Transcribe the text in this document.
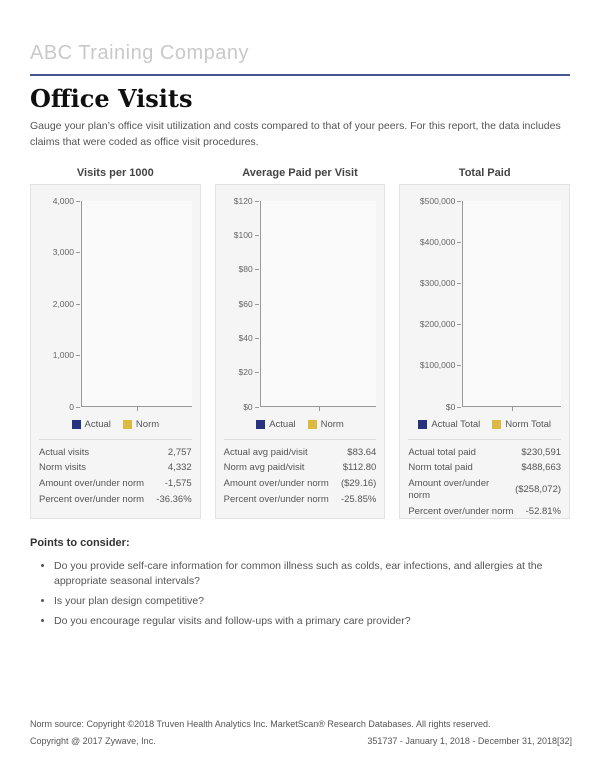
ABC Training Company
Office Visits

Gauge your plan’s office visit utilization and costs compared to that of your peers. For this report, the data includes claims that were coded as office visit procedures.

Visits per 1000
0
1,000
2,000
3,000
4,000
Actual	Norm
Actual visits	2,757
Norm visits	4,332
Amount over/under norm -1,575
Percent over/under norm -36.36%
Average Paid per Visit
$0
$20
$40
$60
$80
$100
$120
Actual	Norm
Actual avg paid/visit	$83.64
Norm avg paid/visit	$112.80
Amount over/under norm ($29.16)
Percent over/under norm -25.85%
Total Paid
$0
$100,000
$200,000
$300,000
$400,000
$500,000
Actual Total	Norm Total
Actual total paid	$230,591
Norm total paid	$488,663
Amount over/under norm
($258,072)
Percent over/under norm -52.81%
Points to consider:
• Do you provide self-care information for common illness such as colds, ear infections, and allergies at the appropriate seasonal intervals?
• Is your plan design competitive?
• Do you encourage regular visits and follow-ups with a primary care provider?
Norm source: Copyright ©2018 Truven Health Analytics Inc. MarketScan® Research Databases. All rights reserved.
Copyright @ 2017 Zywave, Inc.	351737 - January 1, 2018 - December 31, 2018[32]
